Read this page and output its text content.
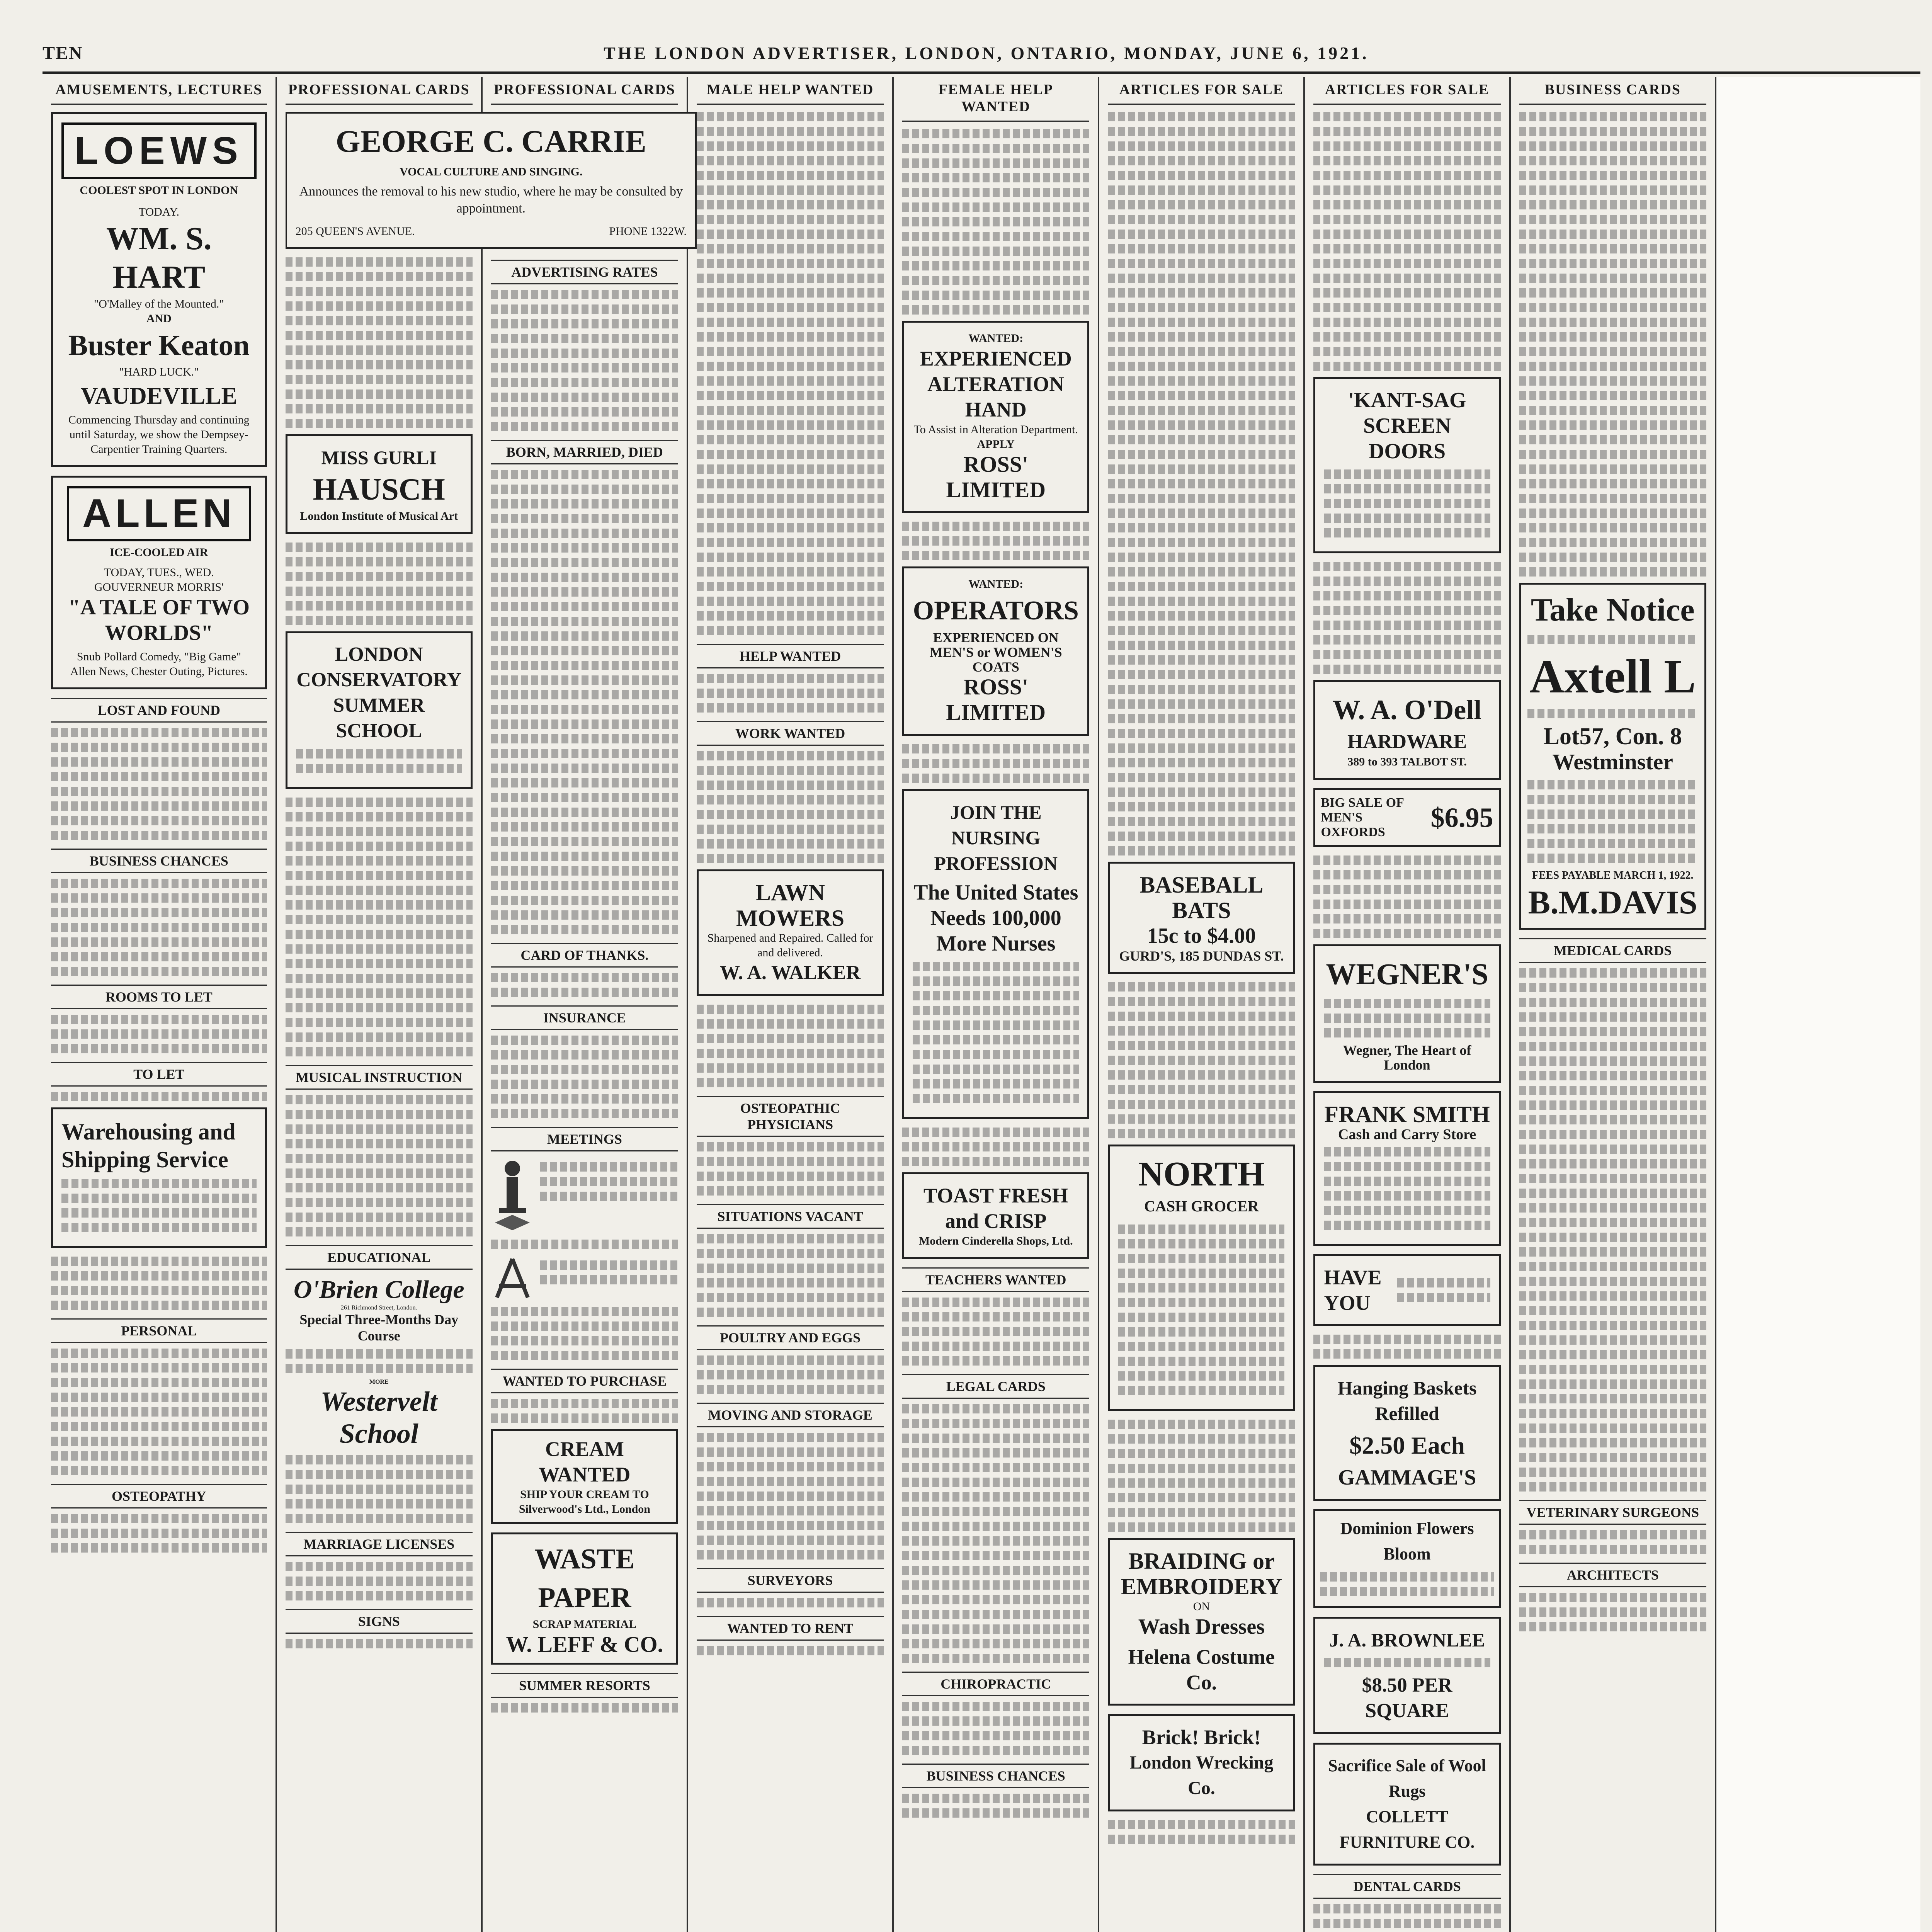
TEN	THE LONDON ADVERTISER, LONDON, ONTARIO, MONDAY, JUNE 6, 1921.
AMUSEMENTS, LECTURES
LOEWS
COOLEST SPOT IN LONDON
TODAY.
WM. S. HART
"O'Malley of the Mounted."
AND
Buster Keaton
"HARD LUCK."
VAUDEVILLE
Commencing Thursday and continuing until Saturday, we show the Dempsey-Carpentier Training Quarters.
ALLEN
ICE-COOLED AIR
TODAY, TUES., WED.
GOUVERNEUR MORRIS'
"A TALE OF TWO WORLDS"
Snub Pollard Comedy, "Big Game"
Allen News, Chester Outing, Pictures.
LOST AND FOUND
BUSINESS CHANCES
ROOMS TO LET
TO LET
Warehousing and Shipping Service
PERSONAL
OSTEOPATHY
PROFESSIONAL CARDS
GEORGE C. CARRIE
VOCAL CULTURE AND SINGING.
Announces the removal to his new studio, where he may be consulted by appointment.
205 QUEEN'S AVENUE.	PHONE 1322W.
MISS GURLI
HAUSCH
London Institute of Musical Art
LONDON CONSERVATORY SUMMER SCHOOL
MUSICAL INSTRUCTION
EDUCATIONAL
O'Brien College
261 Richmond Street, London.
Special Three-Months Day Course
MORE
Westervelt School
MARRIAGE LICENSES
SIGNS
PROFESSIONAL CARDS
ADVERTISING RATES
BORN, MARRIED, DIED
CARD OF THANKS.
INSURANCE
MEETINGS
WANTED TO PURCHASE
CREAM WANTED
SHIP YOUR CREAM TO Silverwood's Ltd., London
WASTE PAPER
SCRAP MATERIAL
W. LEFF & CO.
SUMMER RESORTS
MALE HELP WANTED
HELP WANTED
WORK WANTED
LAWN MOWERS
Sharpened and Repaired. Called for and delivered.
W. A. WALKER
OSTEOPATHIC PHYSICIANS
SITUATIONS VACANT
POULTRY AND EGGS
MOVING AND STORAGE
SURVEYORS
WANTED TO RENT
FEMALE HELP WANTED
WANTED:
EXPERIENCED ALTERATION HAND
To Assist in Alteration Department.
APPLY
ROSS' LIMITED
WANTED:
OPERATORS
EXPERIENCED ON MEN'S or WOMEN'S COATS
ROSS' LIMITED
JOIN THE NURSING PROFESSION
The United States Needs 100,000 More Nurses
TOAST FRESH and CRISP
Modern Cinderella Shops, Ltd.
TEACHERS WANTED
LEGAL CARDS
CHIROPRACTIC
BUSINESS CHANCES
ARTICLES FOR SALE
BASEBALL BATS
15c to $4.00
GURD'S, 185 DUNDAS ST.
NORTH
CASH GROCER
BRAIDING or
EMBROIDERY
ON
Wash Dresses
Helena Costume Co.
Brick! Brick!
London Wrecking Co.
ARTICLES FOR SALE
'KANT-SAG SCREEN DOORS
W. A. O'Dell
HARDWARE
389 to 393 TALBOT ST.
BIG SALE OF MEN'S OXFORDS	$6.95
WEGNER'S
Wegner, The Heart of London
FRANK SMITH
Cash and Carry Store
HAVE YOU
Hanging Baskets Refilled
$2.50 Each
GAMMAGE'S
Dominion Flowers Bloom
J. A. BROWNLEE
$8.50 PER SQUARE
Sacrifice Sale of Wool Rugs
COLLETT FURNITURE CO.
DENTAL CARDS
BUSINESS CARDS
Take Notice
Axtell L
Lot57, Con. 8
Westminster
FEES PAYABLE MARCH 1, 1922.
B.M.DAVIS
MEDICAL CARDS
VETERINARY SURGEONS
ARCHITECTS
